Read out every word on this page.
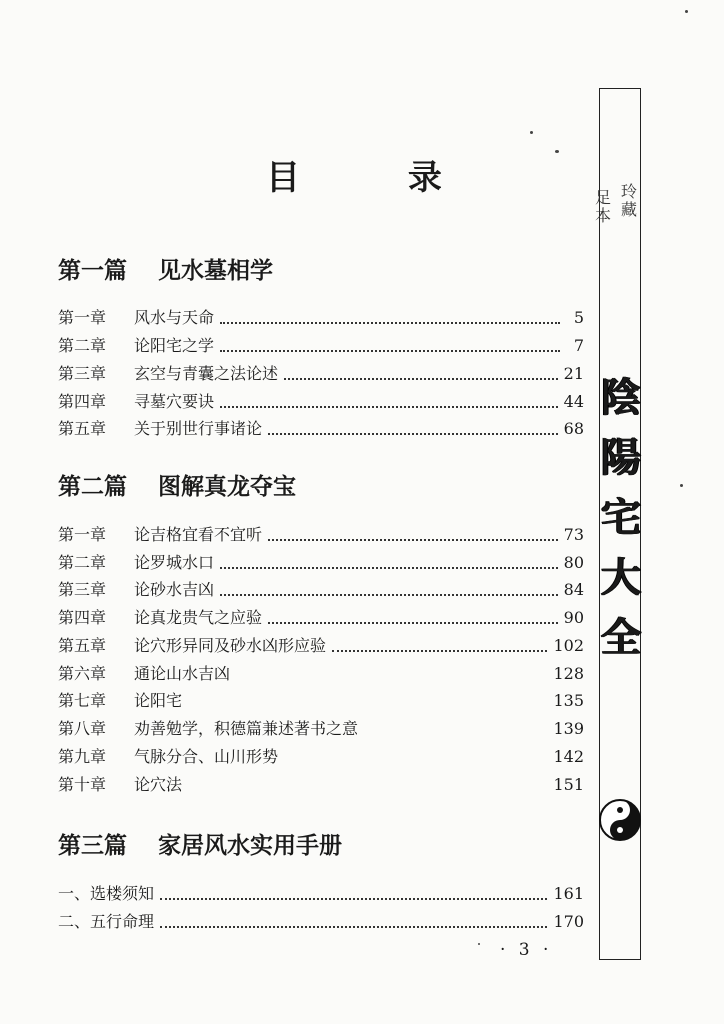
目 录
第一篇 见水墓相学
第一章	风水与天命	5
第二章	论阳宅之学	7
第三章	玄空与青囊之法论述	21
第四章	寻墓穴要诀	44
第五章	关于别世行事诸论	68
第二篇 图解真龙夺宝
第一章	论吉格宜看不宜听	73
第二章	论罗城水口	80
第三章	论砂水吉凶	84
第四章	论真龙贵气之应验	90
第五章	论穴形异同及砂水凶形应验	102
第六章	通论山水吉凶	128
第七章	论阳宅	135
第八章	劝善勉学，积德篇兼述著书之意	139
第九章	气脉分合、山川形势	142
第十章	论穴法	151
第三篇 家居风水实用手册
一、选楼须知	161
二、五行命理	170
· 3 ·
玲藏
足本
陰
陽
宅
大
全
